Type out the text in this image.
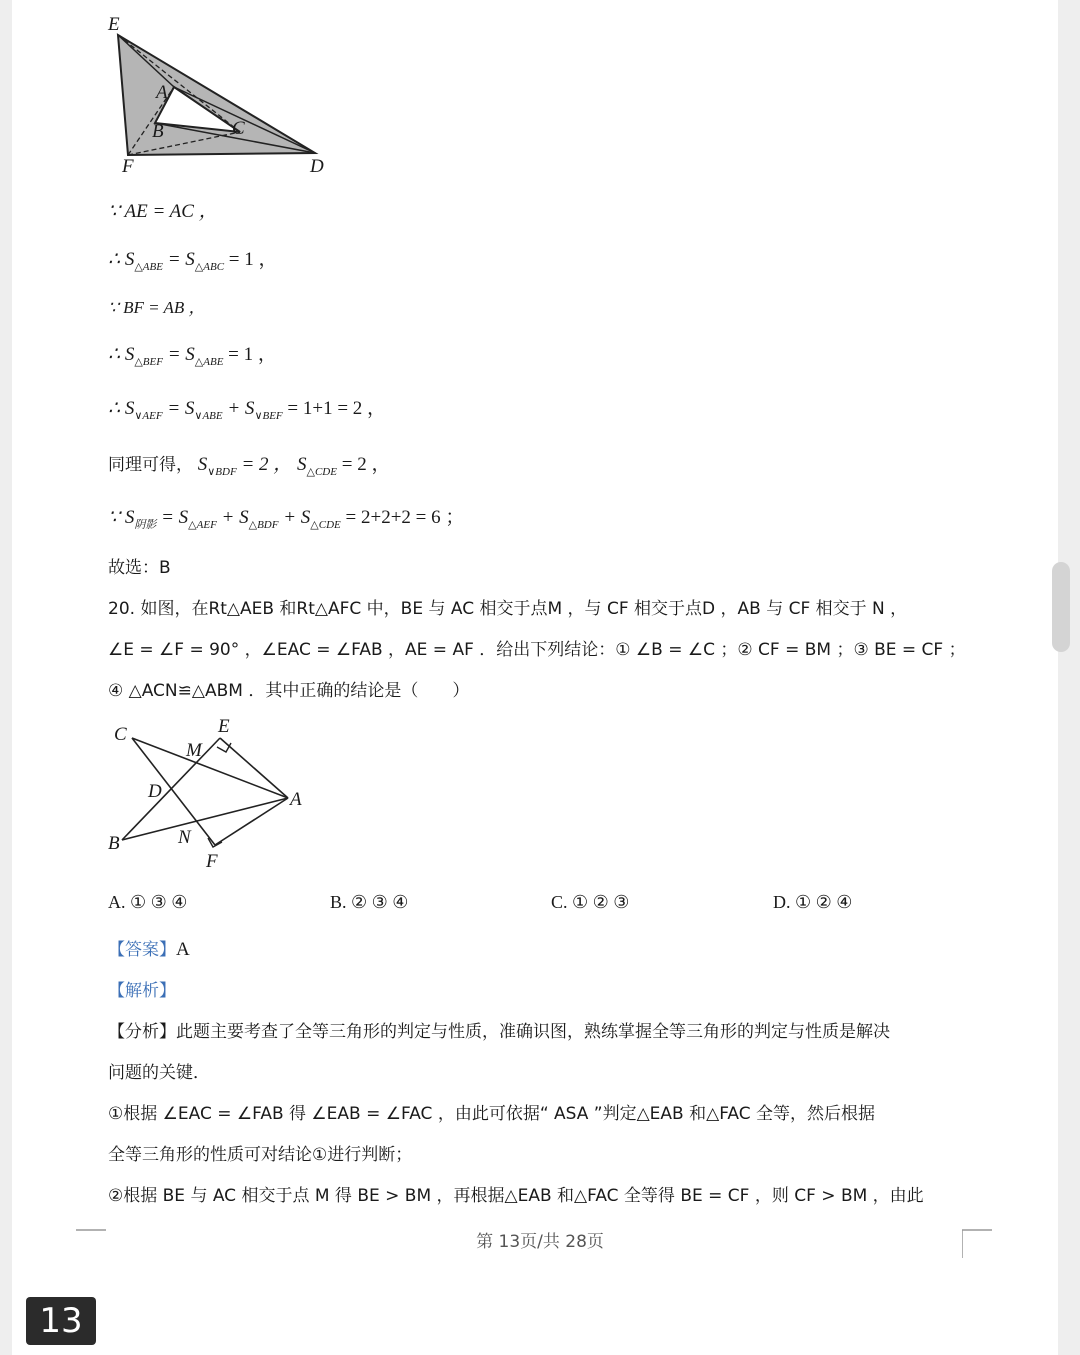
E
A
B	C
F	D
∵ AE = AC ，
∴ $S_{\triangle ABE} = S_{\triangle ABC} = 1$ ，
∵ BF = AB ，
∴ $S_{\triangle BEF} = S_{\triangle ABE} = 1$ ，
∴ $S_{\vee AEF} = S_{\vee ABE} + S_{\vee BEF} = 1+1 = 2$ ，
同理可得， $S_{\vee BDF} = 2$ ， $S_{\triangle CDE} = 2$ ，
∵ $S_{阴影} = S_{\triangle AEF} + S_{\triangle BDF} + S_{\triangle CDE} = 2+2+2 = 6$ ；
故选：B
20. 如图，在Rt△AEB 和Rt△AFC 中，BE 与 AC 相交于点M ，与 CF 相交于点D ，AB 与 CF 相交于 N ，
∠E = ∠F = 90° ，∠EAC = ∠FAB ，AE = AF ．给出下列结论：① ∠B = ∠C ；② CF = BM ；③ BE = CF ；
④ △ACN≌△ABM ．其中正确的结论是（　　）
C	E
M
D	A
B	N
F
A. ① ③ ④	B. ② ③ ④	C. ① ② ③	D. ① ② ④
【答案】A
【解析】
【分析】此题主要考查了全等三角形的判定与性质，准确识图，熟练掌握全等三角形的判定与性质是解决
问题的关键．
①根据 ∠EAC = ∠FAB 得 ∠EAB = ∠FAC ，由此可依据“ ASA ”判定△EAB 和△FAC 全等，然后根据
全等三角形的性质可对结论①进行判断；
②根据 BE 与 AC 相交于点 M 得 BE > BM ，再根据△EAB 和△FAC 全等得 BE = CF ，则 CF > BM ，由此
第 13页/共 28页
13
